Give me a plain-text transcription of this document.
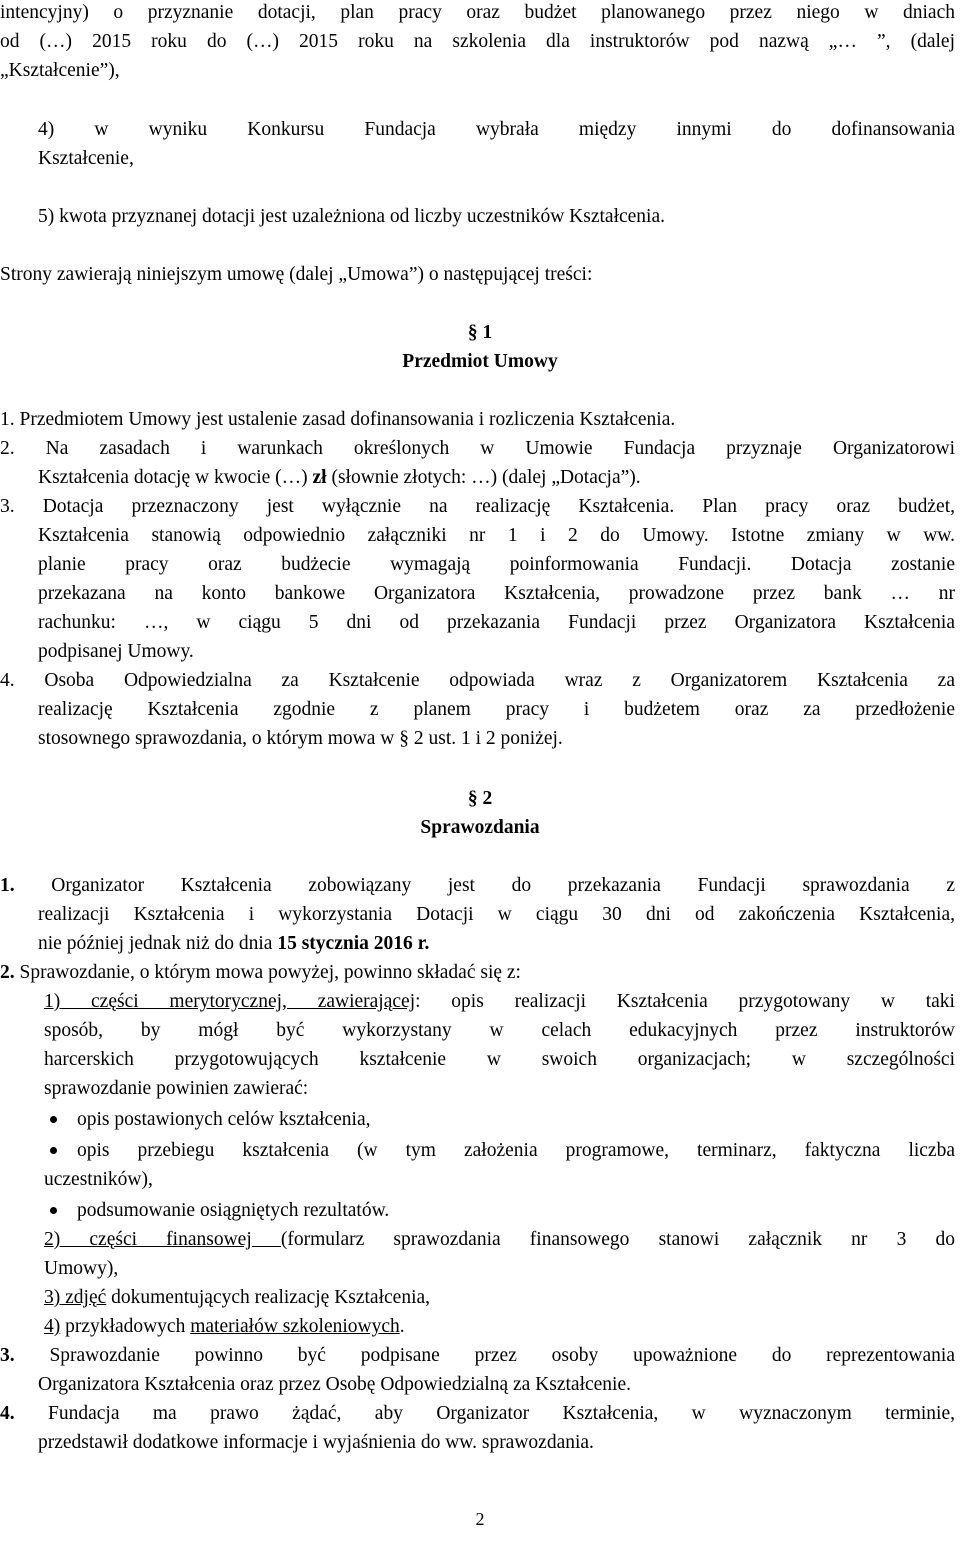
intencyjny) o przyznanie dotacji, plan pracy oraz budżet planowanego przez niego w dniach
od (…) 2015 roku do (…) 2015 roku na szkolenia dla instruktorów pod nazwą „… ”, (dalej
„Kształcenie”),
4) w wyniku Konkursu Fundacja wybrała między innymi do dofinansowania
Kształcenie,
5) kwota przyznanej dotacji jest uzależniona od liczby uczestników Kształcenia.
Strony zawierają niniejszym umowę (dalej „Umowa”) o następującej treści:
§ 1
Przedmiot Umowy
1. Przedmiotem Umowy jest ustalenie zasad dofinansowania i rozliczenia Kształcenia.
2. Na zasadach i warunkach określonych w Umowie Fundacja przyznaje Organizatorowi
Kształcenia dotację w kwocie (…) zł (słownie złotych: …) (dalej „Dotacja”).
3. Dotacja przeznaczony jest wyłącznie na realizację Kształcenia. Plan pracy oraz budżet,
Kształcenia stanowią odpowiednio załączniki nr 1 i 2 do Umowy. Istotne zmiany w ww.
planie pracy oraz budżecie wymagają poinformowania Fundacji. Dotacja zostanie
przekazana na konto bankowe Organizatora Kształcenia, prowadzone przez bank … nr
rachunku: …, w ciągu 5 dni od przekazania Fundacji przez Organizatora Kształcenia
podpisanej Umowy.
4. Osoba Odpowiedzialna za Kształcenie odpowiada wraz z Organizatorem Kształcenia za
realizację Kształcenia zgodnie z planem pracy i budżetem oraz za przedłożenie
stosownego sprawozdania, o którym mowa w § 2 ust. 1 i 2 poniżej.
§ 2
Sprawozdania
1. Organizator Kształcenia zobowiązany jest do przekazania Fundacji sprawozdania z
realizacji Kształcenia i wykorzystania Dotacji w ciągu 30 dni od zakończenia Kształcenia,
nie później jednak niż do dnia 15 stycznia 2016 r.
2. Sprawozdanie, o którym mowa powyżej, powinno składać się z:
1) części merytorycznej, zawierającej: opis realizacji Kształcenia przygotowany w taki
sposób, by mógł być wykorzystany w celach edukacyjnych przez instruktorów
harcerskich przygotowujących kształcenie w swoich organizacjach; w szczególności
sprawozdanie powinien zawierać:
opis postawionych celów kształcenia,
opis przebiegu kształcenia (w tym założenia programowe, terminarz, faktyczna liczba
uczestników),
podsumowanie osiągniętych rezultatów.
2) części finansowej (formularz sprawozdania finansowego stanowi załącznik nr 3 do
Umowy),
3) zdjęć dokumentujących realizację Kształcenia,
4) przykładowych materiałów szkoleniowych.
3. Sprawozdanie powinno być podpisane przez osoby upoważnione do reprezentowania
Organizatora Kształcenia oraz przez Osobę Odpowiedzialną za Kształcenie.
4. Fundacja ma prawo żądać, aby Organizator Kształcenia, w wyznaczonym terminie,
przedstawił dodatkowe informacje i wyjaśnienia do ww. sprawozdania.
2
